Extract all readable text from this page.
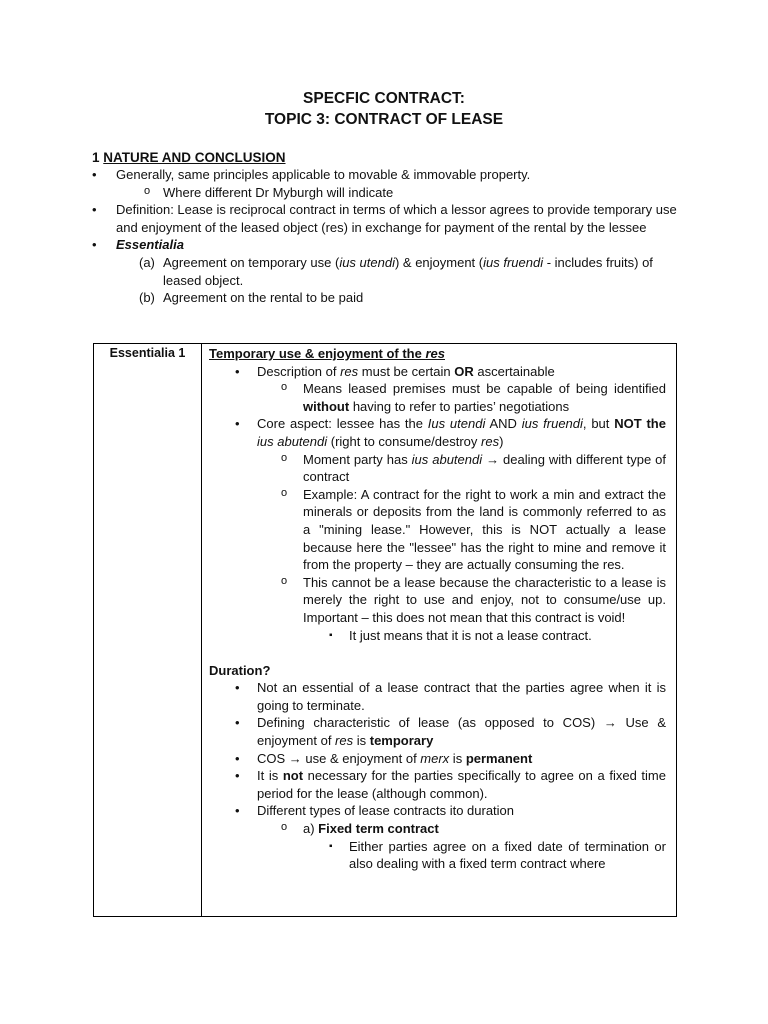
SPECFIC CONTRACT:
TOPIC 3: CONTRACT OF LEASE
1 NATURE AND CONCLUSION
• Generally, same principles applicable to movable & immovable property.
o Where different Dr Myburgh will indicate
• Definition: Lease is reciprocal contract in terms of which a lessor agrees to provide temporary use and enjoyment of the leased object (res) in exchange for payment of the rental by the lessee
• Essentialia
(a) Agreement on temporary use (ius utendi) & enjoyment (ius fruendi - includes fruits) of leased object.
(b) Agreement on the rental to be paid
Essentialia 1	Temporary use & enjoyment of the res
• Description of res must be certain OR ascertainable
o Means leased premises must be capable of being identified without having to refer to parties’ negotiations
• Core aspect: lessee has the Ius utendi AND ius fruendi, but NOT the ius abutendi (right to consume/destroy res)
o Moment party has ius abutendi → dealing with different type of contract
o Example: A contract for the right to work a min and extract the minerals or deposits from the land is commonly referred to as a "mining lease." However, this is NOT actually a lease because here the "lessee" has the right to mine and remove it from the property – they are actually consuming the res.
o This cannot be a lease because the characteristic to a lease is merely the right to use and enjoy, not to consume/use up. Important – this does not mean that this contract is void!
▪ It just means that it is not a lease contract.
Duration?
• Not an essential of a lease contract that the parties agree when it is going to terminate.
• Defining characteristic of lease (as opposed to COS) → Use & enjoyment of res is temporary
• COS → use & enjoyment of merx is permanent
• It is not necessary for the parties specifically to agree on a fixed time period for the lease (although common).
• Different types of lease contracts ito duration
o a) Fixed term contract
▪ Either parties agree on a fixed date of termination or also dealing with a fixed term contract where
